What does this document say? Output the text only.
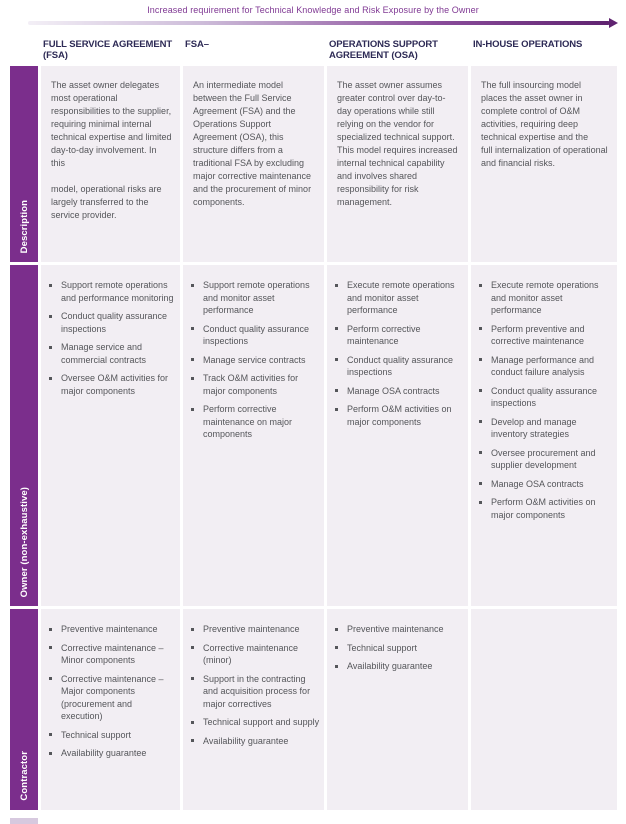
Increased requirement for Technical Knowledge and Risk Exposure by the Owner
FULL SERVICE AGREEMENT (FSA)
FSA–	OPERATIONS SUPPORT AGREEMENT (OSA)
IN-HOUSE OPERATIONS
Description
The asset owner delegates most operational responsibilities to the supplier, requiring minimal internal technical expertise and limited day-to-day involvement. In this

model, operational risks are largely transferred to the service provider.
An intermediate model between the Full Service Agreement (FSA) and the Operations Support Agreement (OSA), this structure differs from a traditional FSA by excluding major corrective maintenance and the procurement of minor components.
The asset owner assumes greater control over day-to-day operations while still relying on the vendor for specialized technical support. This model requires increased internal technical capability and involves shared responsibility for risk management.
The full insourcing model places the asset owner in complete control of O&M activities, requiring deep technical expertise and the
full internalization of operational and financial risks.
Owner (non-exhaustive)
Support remote operations and performance monitoring
Conduct quality assurance inspections
Manage service and commercial contracts
Oversee O&M activities for major components
Support remote operations and monitor asset performance
Conduct quality assurance inspections
Manage service contracts
Track O&M activities for major components
Perform corrective maintenance on major components
Execute remote operations and monitor asset performance
Perform corrective maintenance
Conduct quality assurance inspections
Manage OSA contracts
Perform O&M activities on major components
Execute remote operations and monitor asset performance
Perform preventive and corrective maintenance
Manage performance and conduct failure analysis
Conduct quality assurance inspections
Develop and manage inventory strategies
Oversee procurement and supplier development
Manage OSA contracts
Perform O&M activities on major components
Contractor
Preventive maintenance
Corrective maintenance – Minor components
Corrective maintenance – Major components (procurement and execution)
Technical support
Availability guarantee
Preventive maintenance
Corrective maintenance (minor)
Support in the contracting and acquisition process for major correctives
Technical support and supply
Availability guarantee
Preventive maintenance
Technical support
Availability guarantee
